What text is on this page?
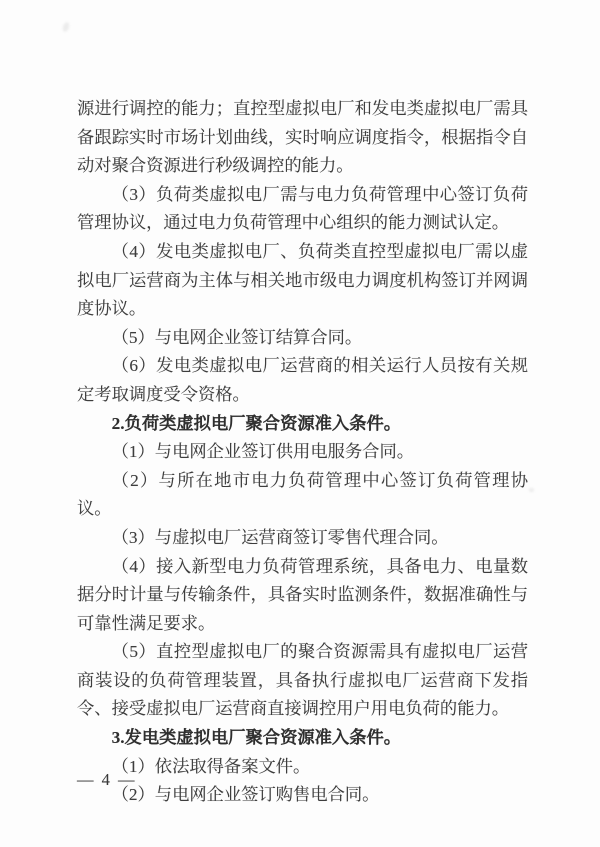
源进行调控的能力；直控型虚拟电厂和发电类虚拟电厂需具备跟踪实时市场计划曲线，实时响应调度指令，根据指令自动对聚合资源进行秒级调控的能力。

（3）负荷类虚拟电厂需与电力负荷管理中心签订负荷管理协议，通过电力负荷管理中心组织的能力测试认定。

（4）发电类虚拟电厂、负荷类直控型虚拟电厂需以虚拟电厂运营商为主体与相关地市级电力调度机构签订并网调度协议。

（5）与电网企业签订结算合同。

（6）发电类虚拟电厂运营商的相关运行人员按有关规定考取调度受令资格。

2.负荷类虚拟电厂聚合资源准入条件。

（1）与电网企业签订供用电服务合同。

（2）与所在地市电力负荷管理中心签订负荷管理协议。

（3）与虚拟电厂运营商签订零售代理合同。

（4）接入新型电力负荷管理系统，具备电力、电量数据分时计量与传输条件，具备实时监测条件，数据准确性与可靠性满足要求。

（5）直控型虚拟电厂的聚合资源需具有虚拟电厂运营商装设的负荷管理装置，具备执行虚拟电厂运营商下发指令、接受虚拟电厂运营商直接调控用户用电负荷的能力。

3.发电类虚拟电厂聚合资源准入条件。

（1）依法取得备案文件。

（2）与电网企业签订购售电合同。

— 4 —
